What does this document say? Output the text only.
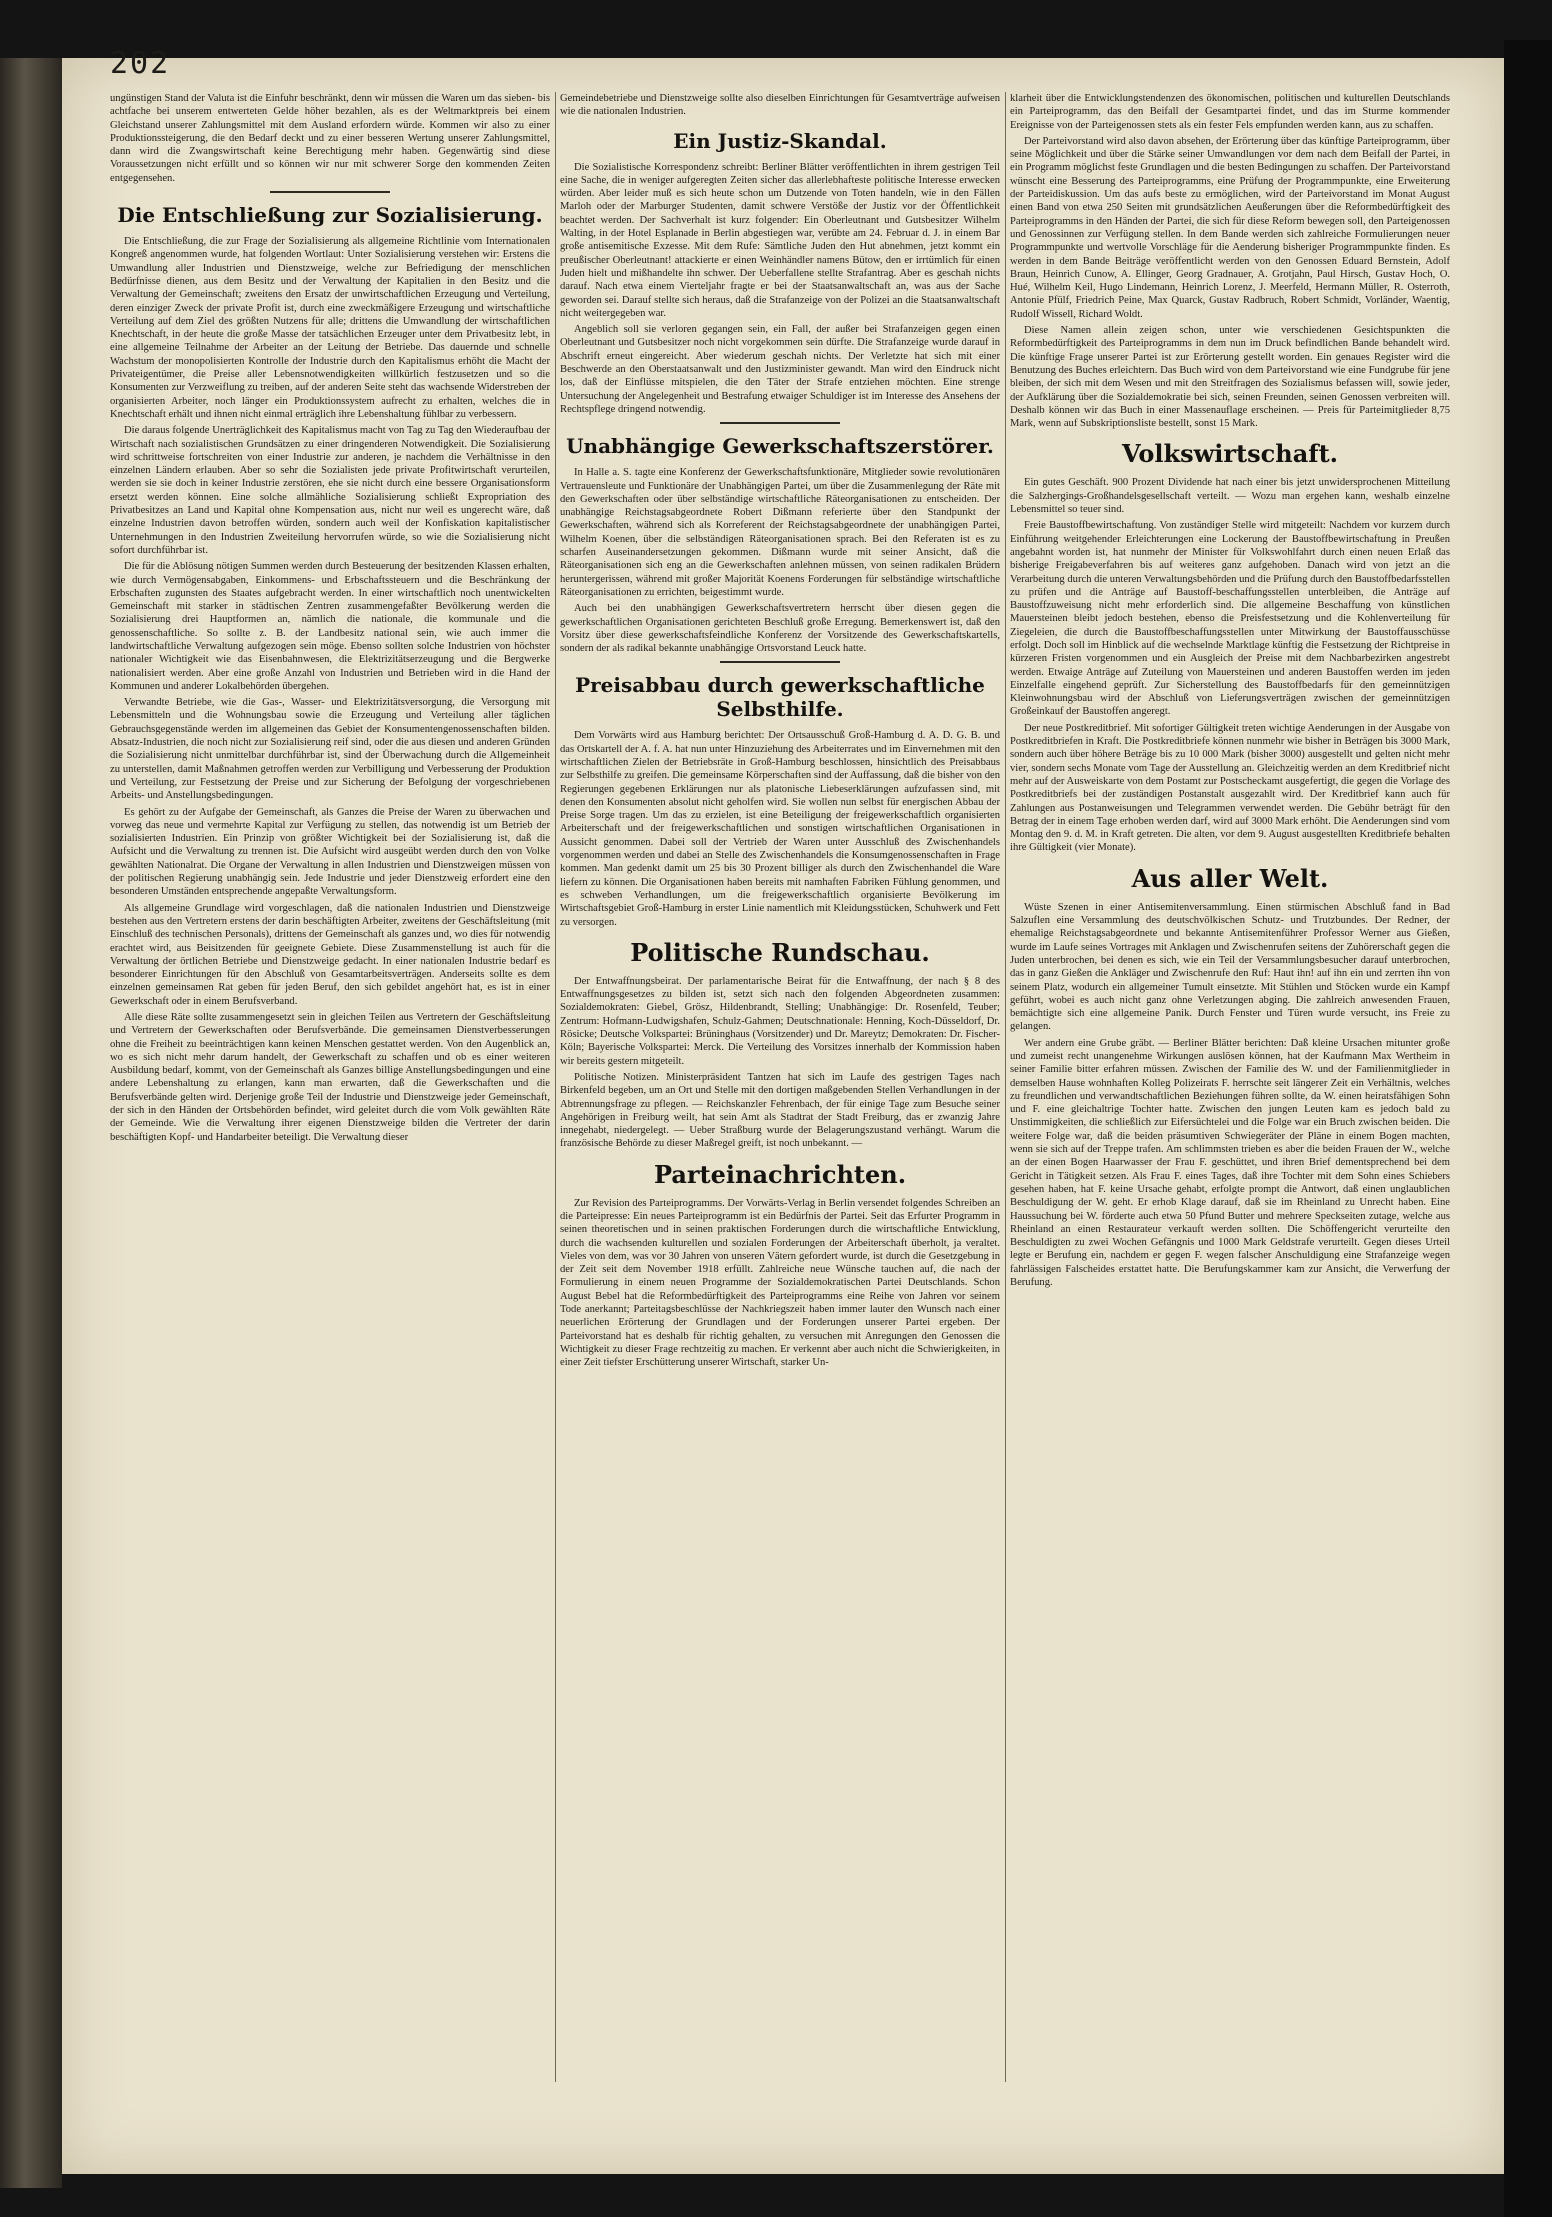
202

ungünstigen Stand der Valuta ist die Einfuhr beschränkt, denn wir müssen die Waren um das sieben- bis achtfache bei unserem entwerteten Gelde höher bezahlen, als es der Weltmarktpreis bei einem Gleichstand unserer Zahlungsmittel mit dem Ausland erfordern würde. Kommen wir also zu einer Produktionssteigerung, die den Bedarf deckt und zu einer besseren Wertung unserer Zahlungsmittel, dann wird die Zwangswirtschaft keine Berechtigung mehr haben. Gegenwärtig sind diese Voraussetzungen nicht erfüllt und so können wir nur mit schwerer Sorge den kommenden Zeiten entgegensehen.

Die Entschließung zur Sozialisierung.

Die Entschließung, die zur Frage der Sozialisierung als allgemeine Richtlinie vom Internationalen Kongreß angenommen wurde, hat folgenden Wortlaut: Unter Sozialisierung verstehen wir: Erstens die Umwandlung aller Industrien und Dienstzweige, welche zur Befriedigung der menschlichen Bedürfnisse dienen, aus dem Besitz und der Verwaltung der Kapitalien in den Besitz und die Verwaltung der Gemeinschaft; zweitens den Ersatz der unwirtschaftlichen Erzeugung und Verteilung, deren einziger Zweck der private Profit ist, durch eine zweckmäßigere Erzeugung und wirtschaftliche Verteilung auf dem Ziel des größten Nutzens für alle; drittens die Umwandlung der wirtschaftlichen Knechtschaft, in der heute die große Masse der tatsächlichen Erzeuger unter dem Privatbesitz lebt, in eine allgemeine Teilnahme der Arbeiter an der Leitung der Betriebe. Das dauernde und schnelle Wachstum der monopolisierten Kontrolle der Industrie durch den Kapitalismus erhöht die Macht der Privateigentümer, die Preise aller Lebensnotwendigkeiten willkürlich festzusetzen und so die Konsumenten zur Verzweiflung zu treiben, auf der anderen Seite steht das wachsende Widerstreben der organisierten Arbeiter, noch länger ein Produktionssystem aufrecht zu erhalten, welches die in Knechtschaft erhält und ihnen nicht einmal erträglich ihre Lebenshaltung fühlbar zu verbessern.

Die daraus folgende Unerträglichkeit des Kapitalismus macht von Tag zu Tag den Wiederaufbau der Wirtschaft nach sozialistischen Grundsätzen zu einer dringenderen Notwendigkeit. Die Sozialisierung wird schrittweise fortschreiten von einer Industrie zur anderen, je nachdem die Verhältnisse in den einzelnen Ländern erlauben. Aber so sehr die Sozialisten jede private Profitwirtschaft verurteilen, werden sie sie doch in keiner Industrie zerstören, ehe sie nicht durch eine bessere Organisationsform ersetzt werden können. Eine solche allmähliche Sozialisierung schließt Expropriation des Privatbesitzes an Land und Kapital ohne Kompensation aus, nicht nur weil es ungerecht wäre, daß einzelne Industrien davon betroffen würden, sondern auch weil der Konfiskation kapitalistischer Unternehmungen in den Industrien Zweiteilung hervorrufen würde, so wie die Sozialisierung nicht sofort durchführbar ist.

Die für die Ablösung nötigen Summen werden durch Besteuerung der besitzenden Klassen erhalten, wie durch Vermögensabgaben, Einkommens- und Erbschaftssteuern und die Beschränkung der Erbschaften zugunsten des Staates aufgebracht werden. In einer wirtschaftlich noch unentwickelten Gemeinschaft mit starker in städtischen Zentren zusammengefaßter Bevölkerung werden die Sozialisierung drei Hauptformen an, nämlich die nationale, die kommunale und die genossenschaftliche. So sollte z. B. der Landbesitz national sein, wie auch immer die landwirtschaftliche Verwaltung aufgezogen sein möge. Ebenso sollten solche Industrien von höchster nationaler Wichtigkeit wie das Eisenbahnwesen, die Elektrizitätserzeugung und die Bergwerke nationalisiert werden. Aber eine große Anzahl von Industrien und Betrieben wird in die Hand der Kommunen und anderer Lokalbehörden übergehen.

Verwandte Betriebe, wie die Gas-, Wasser- und Elektrizitätsversorgung, die Versorgung mit Lebensmitteln und die Wohnungsbau sowie die Erzeugung und Verteilung aller täglichen Gebrauchsgegenstände werden im allgemeinen das Gebiet der Konsumentengenossenschaften bilden. Absatz-Industrien, die noch nicht zur Sozialisierung reif sind, oder die aus diesen und anderen Gründen die Sozialisierung nicht unmittelbar durchführbar ist, sind der Überwachung durch die Allgemeinheit zu unterstellen, damit Maßnahmen getroffen werden zur Verbilligung und Verbesserung der Produktion und Verteilung, zur Festsetzung der Preise und zur Sicherung der Befolgung der vorgeschriebenen Arbeits- und Anstellungsbedingungen.

Es gehört zu der Aufgabe der Gemeinschaft, als Ganzes die Preise der Waren zu überwachen und vorweg das neue und vermehrte Kapital zur Verfügung zu stellen, das notwendig ist um Betrieb der sozialisierten Industrien. Ein Prinzip von größter Wichtigkeit bei der Sozialisierung ist, daß die Aufsicht und die Verwaltung zu trennen ist. Die Aufsicht wird ausgeübt werden durch den von Volke gewählten Nationalrat. Die Organe der Verwaltung in allen Industrien und Dienstzweigen müssen von der politischen Regierung unabhängig sein. Jede Industrie und jeder Dienstzweig erfordert eine den besonderen Umständen entsprechende angepaßte Verwaltungsform.

Als allgemeine Grundlage wird vorgeschlagen, daß die nationalen Industrien und Dienstzweige bestehen aus den Vertretern erstens der darin beschäftigten Arbeiter, zweitens der Geschäftsleitung (mit Einschluß des technischen Personals), drittens der Gemeinschaft als ganzes und, wo dies für notwendig erachtet wird, aus Beisitzenden für geeignete Gebiete. Diese Zusammenstellung ist auch für die Verwaltung der örtlichen Betriebe und Dienstzweige gedacht. In einer nationalen Industrie bedarf es besonderer Einrichtungen für den Abschluß von Gesamtarbeitsverträgen. Anderseits sollte es dem einzelnen gemeinsamen Rat geben für jeden Beruf, den sich gebildet angehört hat, es ist in einer Gewerkschaft oder in einem Berufsverband.

Alle diese Räte sollte zusammengesetzt sein in gleichen Teilen aus Vertretern der Geschäftsleitung und Vertretern der Gewerkschaften oder Berufsverbände. Die gemeinsamen Dienstverbesserungen ohne die Freiheit zu beeinträchtigen kann keinen Menschen gestattet werden. Von den Augenblick an, wo es sich nicht mehr darum handelt, der Gewerkschaft zu schaffen und ob es einer weiteren Ausbildung bedarf, kommt, von der Gemeinschaft als Ganzes billige Anstellungsbedingungen und eine andere Lebenshaltung zu erlangen, kann man erwarten, daß die Gewerkschaften und die Berufsverbände gelten wird. Derjenige große Teil der Industrie und Dienstzweige jeder Gemeinschaft, der sich in den Händen der Ortsbehörden befindet, wird geleitet durch die vom Volk gewählten Räte der Gemeinde. Wie die Verwaltung ihrer eigenen Dienstzweige bilden die Vertreter der darin beschäftigten Kopf- und Handarbeiter beteiligt. Die Verwaltung dieser

Gemeindebetriebe und Dienstzweige sollte also dieselben Einrichtungen für Gesamtverträge aufweisen wie die nationalen Industrien.

Ein Justiz-Skandal.

Die Sozialistische Korrespondenz schreibt: Berliner Blätter veröffentlichten in ihrem gestrigen Teil eine Sache, die in weniger aufgeregten Zeiten sicher das allerlebhafteste politische Interesse erwecken würden. Aber leider muß es sich heute schon um Dutzende von Toten handeln, wie in den Fällen Marloh oder der Marburger Studenten, damit schwere Verstöße der Justiz vor der Öffentlichkeit beachtet werden. Der Sachverhalt ist kurz folgender: Ein Oberleutnant und Gutsbesitzer Wilhelm Walting, in der Hotel Esplanade in Berlin abgestiegen war, verübte am 24. Februar d. J. in einem Bar große antisemitische Exzesse. Mit dem Rufe: Sämtliche Juden den Hut abnehmen, jetzt kommt ein preußischer Oberleutnant! attackierte er einen Weinhändler namens Bütow, den er irrtümlich für einen Juden hielt und mißhandelte ihn schwer. Der Ueberfallene stellte Strafantrag. Aber es geschah nichts darauf. Nach etwa einem Vierteljahr fragte er bei der Staatsanwaltschaft an, was aus der Sache geworden sei. Darauf stellte sich heraus, daß die Strafanzeige von der Polizei an die Staatsanwaltschaft nicht weitergegeben war.

Angeblich soll sie verloren gegangen sein, ein Fall, der außer bei Strafanzeigen gegen einen Oberleutnant und Gutsbesitzer noch nicht vorgekommen sein dürfte. Die Strafanzeige wurde darauf in Abschrift erneut eingereicht. Aber wiederum geschah nichts. Der Verletzte hat sich mit einer Beschwerde an den Oberstaatsanwalt und den Justizminister gewandt. Man wird den Eindruck nicht los, daß der Einflüsse mitspielen, die den Täter der Strafe entziehen möchten. Eine strenge Untersuchung der Angelegenheit und Bestrafung etwaiger Schuldiger ist im Interesse des Ansehens der Rechtspflege dringend notwendig.

Unabhängige Gewerkschaftszerstörer.

In Halle a. S. tagte eine Konferenz der Gewerkschaftsfunktionäre, Mitglieder sowie revolutionären Vertrauensleute und Funktionäre der Unabhängigen Partei, um über die Zusammenlegung der Räte mit den Gewerkschaften oder über selbständige wirtschaftliche Räteorganisationen zu entscheiden. Der unabhängige Reichstagsabgeordnete Robert Dißmann referierte über den Standpunkt der Gewerkschaften, während sich als Korreferent der Reichstagsabgeordnete der unabhängigen Partei, Wilhelm Koenen, über die selbständigen Räteorganisationen sprach. Bei den Referaten ist es zu scharfen Auseinandersetzungen gekommen. Dißmann wurde mit seiner Ansicht, daß die Räteorganisationen sich eng an die Gewerkschaften anlehnen müssen, von seinen radikalen Brüdern heruntergerissen, während mit großer Majorität Koenens Forderungen für selbständige wirtschaftliche Räteorganisationen zu errichten, beigestimmt wurde.

Auch bei den unabhängigen Gewerkschaftsvertretern herrscht über diesen gegen die gewerkschaftlichen Organisationen gerichteten Beschluß große Erregung. Bemerkenswert ist, daß den Vorsitz über diese gewerkschaftsfeindliche Konferenz der Vorsitzende des Gewerkschaftskartells, sondern der als radikal bekannte unabhängige Ortsvorstand Leuck hatte.

Preisabbau durch gewerkschaftliche Selbsthilfe.

Dem Vorwärts wird aus Hamburg berichtet: Der Ortsausschuß Groß-Hamburg d. A. D. G. B. und das Ortskartell der A. f. A. hat nun unter Hinzuziehung des Arbeiterrates und im Einvernehmen mit den wirtschaftlichen Zielen der Betriebsräte in Groß-Hamburg beschlossen, hinsichtlich des Preisabbaus zur Selbsthilfe zu greifen. Die gemeinsame Körperschaften sind der Auffassung, daß die bisher von den Regierungen gegebenen Erklärungen nur als platonische Liebeserklärungen aufzufassen sind, mit denen den Konsumenten absolut nicht geholfen wird. Sie wollen nun selbst für energischen Abbau der Preise Sorge tragen. Um das zu erzielen, ist eine Beteiligung der freigewerkschaftlich organisierten Arbeiterschaft und der freigewerkschaftlichen und sonstigen wirtschaftlichen Organisationen in Aussicht genommen. Dabei soll der Vertrieb der Waren unter Ausschluß des Zwischenhandels vorgenommen werden und dabei an Stelle des Zwischenhandels die Konsumgenossenschaften in Frage kommen. Man gedenkt damit um 25 bis 30 Prozent billiger als durch den Zwischenhandel die Ware liefern zu können. Die Organisationen haben bereits mit namhaften Fabriken Fühlung genommen, und es schweben Verhandlungen, um die freigewerkschaftlich organisierte Bevölkerung im Wirtschaftsgebiet Groß-Hamburg in erster Linie namentlich mit Kleidungsstücken, Schuhwerk und Fett zu versorgen.

Politische Rundschau.

Der Entwaffnungsbeirat. Der parlamentarische Beirat für die Entwaffnung, der nach § 8 des Entwaffnungsgesetzes zu bilden ist, setzt sich nach den folgenden Abgeordneten zusammen: Sozialdemokraten: Giebel, Grösz, Hildenbrandt, Stelling; Unabhängige: Dr. Rosenfeld, Teuber; Zentrum: Hofmann-Ludwigshafen, Schulz-Gahmen; Deutschnationale: Henning, Koch-Düsseldorf, Dr. Rösicke; Deutsche Volkspartei: Brüninghaus (Vorsitzender) und Dr. Mareytz; Demokraten: Dr. Fischer-Köln; Bayerische Volkspartei: Merck. Die Verteilung des Vorsitzes innerhalb der Kommission haben wir bereits gestern mitgeteilt.

Politische Notizen. Ministerpräsident Tantzen hat sich im Laufe des gestrigen Tages nach Birkenfeld begeben, um an Ort und Stelle mit den dortigen maßgebenden Stellen Verhandlungen in der Abtrennungsfrage zu pflegen. — Reichskanzler Fehrenbach, der für einige Tage zum Besuche seiner Angehörigen in Freiburg weilt, hat sein Amt als Stadtrat der Stadt Freiburg, das er zwanzig Jahre innegehabt, niedergelegt. — Ueber Straßburg wurde der Belagerungszustand verhängt. Warum die französische Behörde zu dieser Maßregel greift, ist noch unbekannt. —

Parteinachrichten.

Zur Revision des Parteiprogramms. Der Vorwärts-Verlag in Berlin versendet folgendes Schreiben an die Parteipresse: Ein neues Parteiprogramm ist ein Bedürfnis der Partei. Seit das Erfurter Programm in seinen theoretischen und in seinen praktischen Forderungen durch die wirtschaftliche Entwicklung, durch die wachsenden kulturellen und sozialen Forderungen der Arbeiterschaft überholt, ja veraltet. Vieles von dem, was vor 30 Jahren von unseren Vätern gefordert wurde, ist durch die Gesetzgebung in der Zeit seit dem November 1918 erfüllt. Zahlreiche neue Wünsche tauchen auf, die nach der Formulierung in einem neuen Programme der Sozialdemokratischen Partei Deutschlands. Schon August Bebel hat die Reformbedürftigkeit des Parteiprogramms eine Reihe von Jahren vor seinem Tode anerkannt; Parteitagsbeschlüsse der Nachkriegszeit haben immer lauter den Wunsch nach einer neuerlichen Erörterung der Grundlagen und der Forderungen unserer Partei ergeben. Der Parteivorstand hat es deshalb für richtig gehalten, zu versuchen mit Anregungen den Genossen die Wichtigkeit zu dieser Frage rechtzeitig zu machen. Er verkennt aber auch nicht die Schwierigkeiten, in einer Zeit tiefster Erschütterung unserer Wirtschaft, starker Un-

klarheit über die Entwicklungstendenzen des ökonomischen, politischen und kulturellen Deutschlands ein Parteiprogramm, das den Beifall der Gesamtpartei findet, und das im Sturme kommender Ereignisse von der Parteigenossen stets als ein fester Fels empfunden werden kann, aus zu schaffen.

Der Parteivorstand wird also davon absehen, der Erörterung über das künftige Parteiprogramm, über seine Möglichkeit und über die Stärke seiner Umwandlungen vor dem nach dem Beifall der Partei, in ein Programm möglichst feste Grundlagen und die besten Bedingungen zu schaffen. Der Parteivorstand wünscht eine Besserung des Parteiprogramms, eine Prüfung der Programmpunkte, eine Erweiterung der Parteidiskussion. Um das aufs beste zu ermöglichen, wird der Parteivorstand im Monat August einen Band von etwa 250 Seiten mit grundsätzlichen Aeußerungen über die Reformbedürftigkeit des Parteiprogramms in den Händen der Partei, die sich für diese Reform bewegen soll, den Parteigenossen und Genossinnen zur Verfügung stellen. In dem Bande werden sich zahlreiche Formulierungen neuer Programmpunkte und wertvolle Vorschläge für die Aenderung bisheriger Programmpunkte finden. Es werden in dem Bande Beiträge veröffentlicht werden von den Genossen Eduard Bernstein, Adolf Braun, Heinrich Cunow, A. Ellinger, Georg Gradnauer, A. Grotjahn, Paul Hirsch, Gustav Hoch, O. Hué, Wilhelm Keil, Hugo Lindemann, Heinrich Lorenz, J. Meerfeld, Hermann Müller, R. Osterroth, Antonie Pfülf, Friedrich Peine, Max Quarck, Gustav Radbruch, Robert Schmidt, Vorländer, Waentig, Rudolf Wissell, Richard Woldt.

Diese Namen allein zeigen schon, unter wie verschiedenen Gesichtspunkten die Reformbedürftigkeit des Parteiprogramms in dem nun im Druck befindlichen Bande behandelt wird. Die künftige Frage unserer Partei ist zur Erörterung gestellt worden. Ein genaues Register wird die Benutzung des Buches erleichtern. Das Buch wird von dem Parteivorstand wie eine Fundgrube für jene bleiben, der sich mit dem Wesen und mit den Streitfragen des Sozialismus befassen will, sowie jeder, der Aufklärung über die Sozialdemokratie bei sich, seinen Freunden, seinen Genossen verbreiten will. Deshalb können wir das Buch in einer Massenauflage erscheinen. — Preis für Parteimitglieder 8,75 Mark, wenn auf Subskriptionsliste bestellt, sonst 15 Mark.

Volkswirtschaft.

Ein gutes Geschäft. 900 Prozent Dividende hat nach einer bis jetzt unwidersprochenen Mitteilung die Salzhergings-Großhandelsgesellschaft verteilt. — Wozu man ergehen kann, weshalb einzelne Lebensmittel so teuer sind.

Freie Baustoffbewirtschaftung. Von zuständiger Stelle wird mitgeteilt: Nachdem vor kurzem durch Einführung weitgehender Erleichterungen eine Lockerung der Baustoffbewirtschaftung in Preußen angebahnt worden ist, hat nunmehr der Minister für Volkswohlfahrt durch einen neuen Erlaß das bisherige Freigabeverfahren bis auf weiteres ganz aufgehoben. Danach wird von jetzt an die Verarbeitung durch die unteren Verwaltungsbehörden und die Prüfung durch den Baustoffbedarfsstellen zu prüfen und die Anträge auf Baustoff-beschaffungsstellen unterbleiben, die Anträge auf Baustoffzuweisung nicht mehr erforderlich sind. Die allgemeine Beschaffung von künstlichen Mauersteinen bleibt jedoch bestehen, ebenso die Preisfestsetzung und die Kohlenverteilung für Ziegeleien, die durch die Baustoffbeschaffungsstellen unter Mitwirkung der Baustoffausschüsse erfolgt. Doch soll im Hinblick auf die wechselnde Marktlage künftig die Festsetzung der Richtpreise in kürzeren Fristen vorgenommen und ein Ausgleich der Preise mit dem Nachbarbezirken angestrebt werden. Etwaige Anträge auf Zuteilung von Mauersteinen und anderen Baustoffen werden im jeden Einzelfalle eingehend geprüft. Zur Sicherstellung des Baustoffbedarfs für den gemeinnützigen Kleinwohnungsbau wird der Abschluß von Lieferungsverträgen zwischen der gemeinnützigen Großeinkauf der Baustoffen angeregt.

Der neue Postkreditbrief. Mit sofortiger Gültigkeit treten wichtige Aenderungen in der Ausgabe von Postkreditbriefen in Kraft. Die Postkreditbriefe können nunmehr wie bisher in Beträgen bis 3000 Mark, sondern auch über höhere Beträge bis zu 10 000 Mark (bisher 3000) ausgestellt und gelten nicht mehr vier, sondern sechs Monate vom Tage der Ausstellung an. Gleichzeitig werden an dem Kreditbrief nicht mehr auf der Ausweiskarte von dem Postamt zur Postscheckamt ausgefertigt, die gegen die Vorlage des Postkreditbriefs bei der zuständigen Postanstalt ausgezahlt wird. Der Kreditbrief kann auch für Zahlungen aus Postanweisungen und Telegrammen verwendet werden. Die Gebühr beträgt für den Betrag der in einem Tage erhoben werden darf, wird auf 3000 Mark erhöht. Die Aenderungen sind vom Montag den 9. d. M. in Kraft getreten. Die alten, vor dem 9. August ausgestellten Kreditbriefe behalten ihre Gültigkeit (vier Monate).

Aus aller Welt.

Wüste Szenen in einer Antisemitenversammlung. Einen stürmischen Abschluß fand in Bad Salzuflen eine Versammlung des deutschvölkischen Schutz- und Trutzbundes. Der Redner, der ehemalige Reichstagsabgeordnete und bekannte Antisemitenführer Professor Werner aus Gießen, wurde im Laufe seines Vortrages mit Anklagen und Zwischenrufen seitens der Zuhörerschaft gegen die Juden unterbrochen, bei denen es sich, wie ein Teil der Versammlungsbesucher darauf unterbrochen, das in ganz Gießen die Ankläger und Zwischenrufe den Ruf: Haut ihn! auf ihn ein und zerrten ihn von seinem Platz, wodurch ein allgemeiner Tumult einsetzte. Mit Stühlen und Stöcken wurde ein Kampf geführt, wobei es auch nicht ganz ohne Verletzungen abging. Die zahlreich anwesenden Frauen, bemächtigte sich eine allgemeine Panik. Durch Fenster und Türen wurde versucht, ins Freie zu gelangen.

Wer andern eine Grube gräbt. — Berliner Blätter berichten: Daß kleine Ursachen mitunter große und zumeist recht unangenehme Wirkungen auslösen können, hat der Kaufmann Max Wertheim in seiner Familie bitter erfahren müssen. Zwischen der Familie des W. und der Familienmitglieder in demselben Hause wohnhaften Kolleg Polizeirats F. herrschte seit längerer Zeit ein Verhältnis, welches zu freundlichen und verwandtschaftlichen Beziehungen führen sollte, da W. einen heiratsfähigen Sohn und F. eine gleichaltrige Tochter hatte. Zwischen den jungen Leuten kam es jedoch bald zu Unstimmigkeiten, die schließlich zur Eifersüchtelei und die Folge war ein Bruch zwischen beiden. Die weitere Folge war, daß die beiden präsumtiven Schwiegeräter der Pläne in einem Bogen machten, wenn sie sich auf der Treppe trafen. Am schlimmsten trieben es aber die beiden Frauen der W., welche an der einen Bogen Haarwasser der Frau F. geschüttet, und ihren Brief dementsprechend bei dem Gericht in Tätigkeit setzen. Als Frau F. eines Tages, daß ihre Tochter mit dem Sohn eines Schiebers gesehen haben, hat F. keine Ursache gehabt, erfolgte prompt die Antwort, daß einen unglaublichen Beschuldigung der W. geht. Er erhob Klage darauf, daß sie im Rheinland zu Unrecht haben. Eine Haussuchung bei W. förderte auch etwa 50 Pfund Butter und mehrere Speckseiten zutage, welche aus Rheinland an einen Restaurateur verkauft werden sollten. Die Schöffengericht verurteilte den Beschuldigten zu zwei Wochen Gefängnis und 1000 Mark Geldstrafe verurteilt. Gegen dieses Urteil legte er Berufung ein, nachdem er gegen F. wegen falscher Anschuldigung eine Strafanzeige wegen fahrlässigen Falscheides erstattet hatte. Die Berufungskammer kam zur Ansicht, die Verwerfung der Berufung.
